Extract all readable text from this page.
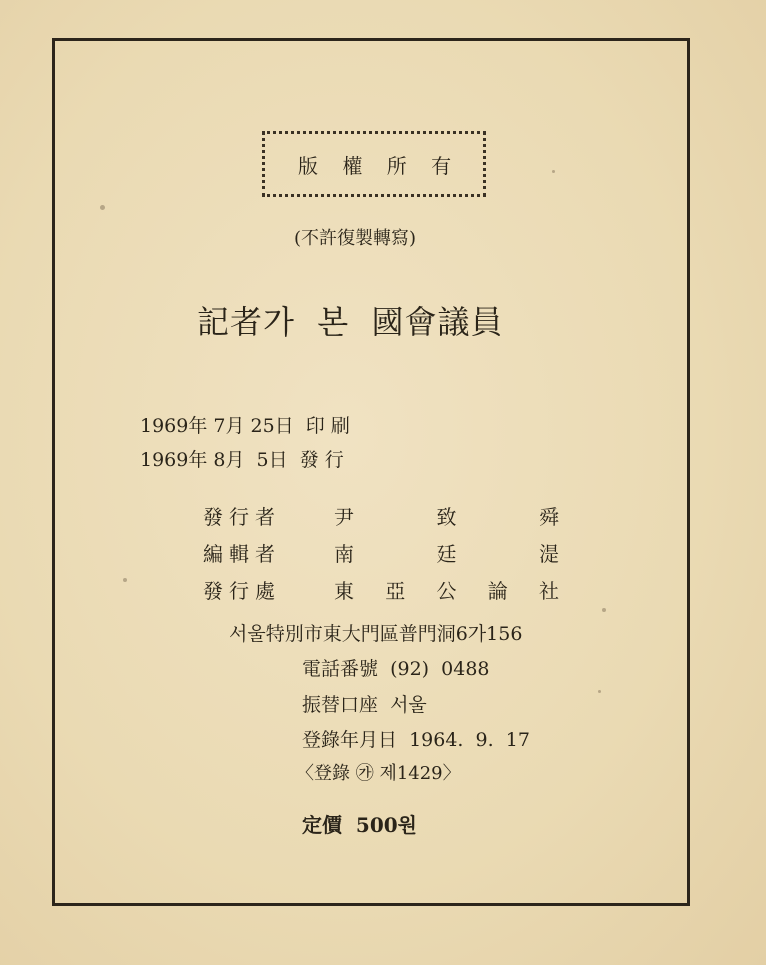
版 權 所 有
(不許復製轉寫)
記者가  본  國會議員
1969年 7月 25日  印 刷
1969年 8月  5日  發 行
發行者	尹	致	舜
編輯者	南	廷	湜
發行處	東 亞 公 論 社
서울特別市東大門區普門洞6가156
電話番號  (92)  0488
振替口座  서울
登錄年月日  1964.  9.  17
〈登錄 ㉮ 제1429〉
定價  500원
